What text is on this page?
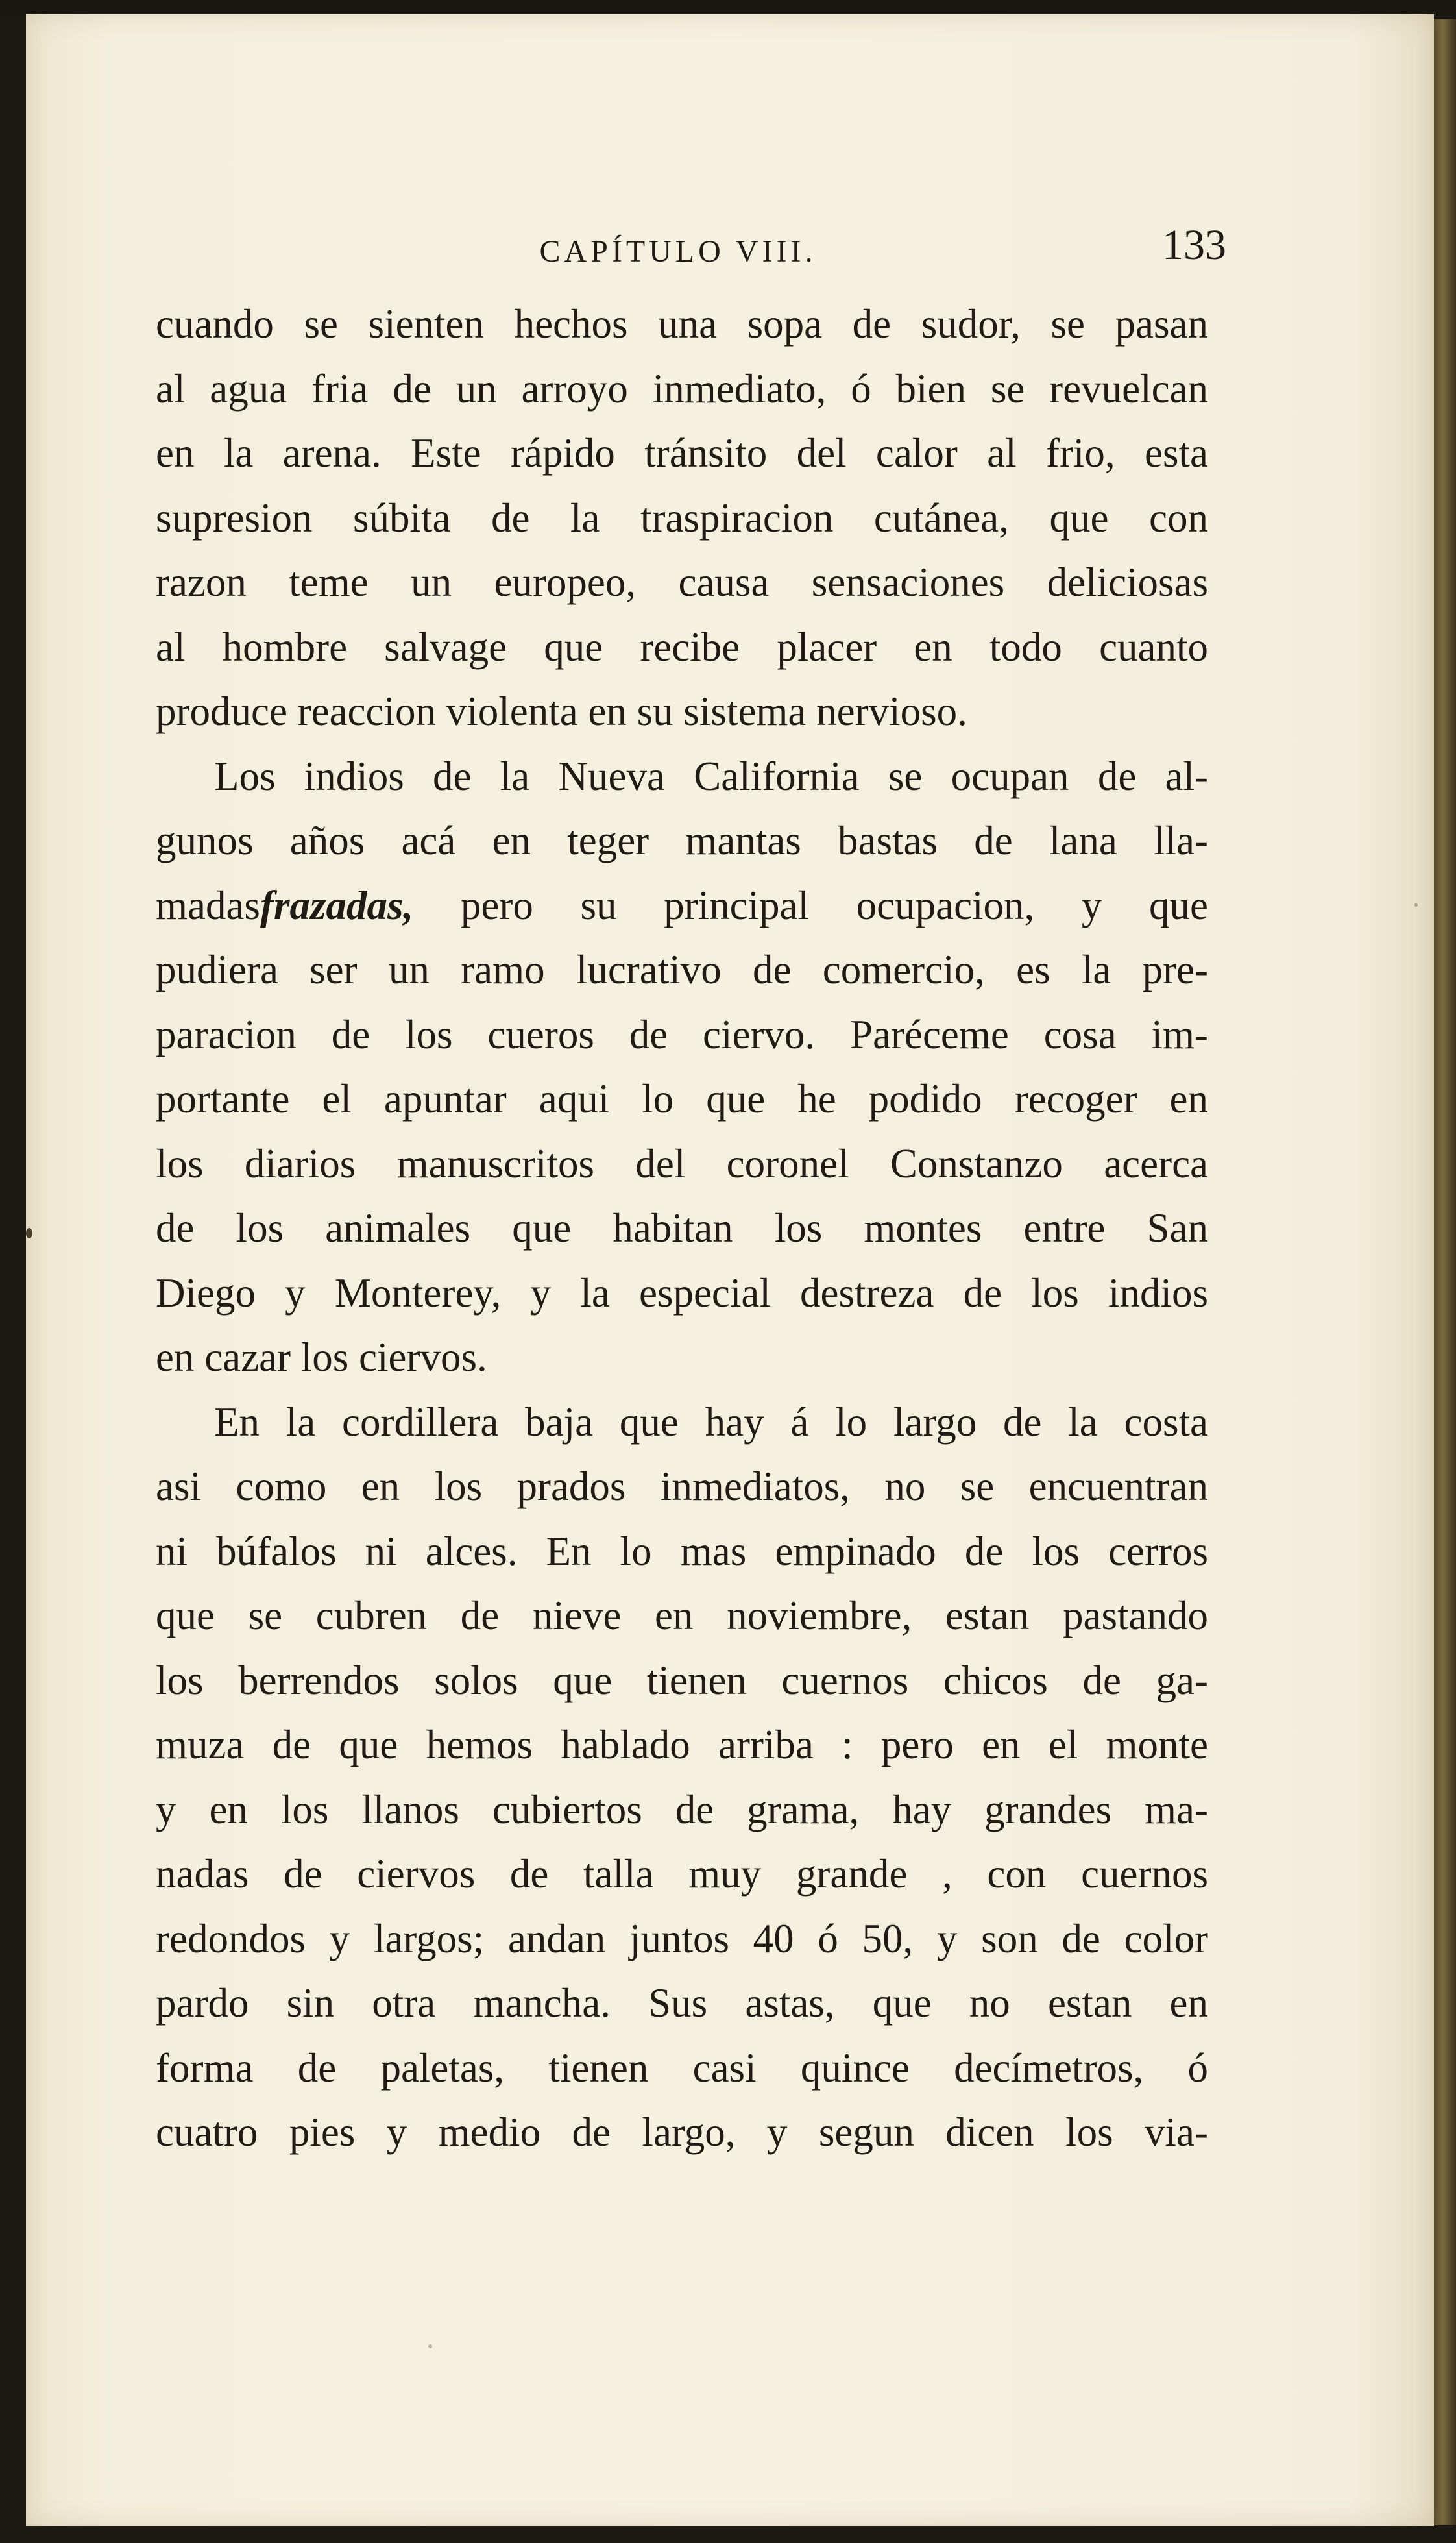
CAPÍTULO VIII.	133
cuando se sienten hechos una sopa de sudor, se pasan
al agua fria de un arroyo inmediato, ó bien se revuelcan
en la arena. Este rápido tránsito del calor al frio, esta
supresion súbita de la traspiracion cutánea, que con
razon teme un europeo, causa sensaciones deliciosas
al hombre salvage que recibe placer en todo cuanto
produce reaccion violenta en su sistema nervioso.
Los indios de la Nueva California se ocupan de al-
gunos años acá en teger mantas bastas de lana lla-
madasfrazadas, pero su principal ocupacion, y que
pudiera ser un ramo lucrativo de comercio, es la pre-
paracion de los cueros de ciervo. Paréceme cosa im-
portante el apuntar aqui lo que he podido recoger en
los diarios manuscritos del coronel Constanzo acerca
de los animales que habitan los montes entre San
Diego y Monterey, y la especial destreza de los indios
en cazar los ciervos.
En la cordillera baja que hay á lo largo de la costa
asi como en los prados inmediatos, no se encuentran
ni búfalos ni alces. En lo mas empinado de los cerros
que se cubren de nieve en noviembre, estan pastando
los berrendos solos que tienen cuernos chicos de ga-
muza de que hemos hablado arriba : pero en el monte
y en los llanos cubiertos de grama, hay grandes ma-
nadas de ciervos de talla muy grande , con cuernos
redondos y largos; andan juntos 40 ó 50, y son de color
pardo sin otra mancha. Sus astas, que no estan en
forma de paletas, tienen casi quince decímetros, ó
cuatro pies y medio de largo, y segun dicen los via-
